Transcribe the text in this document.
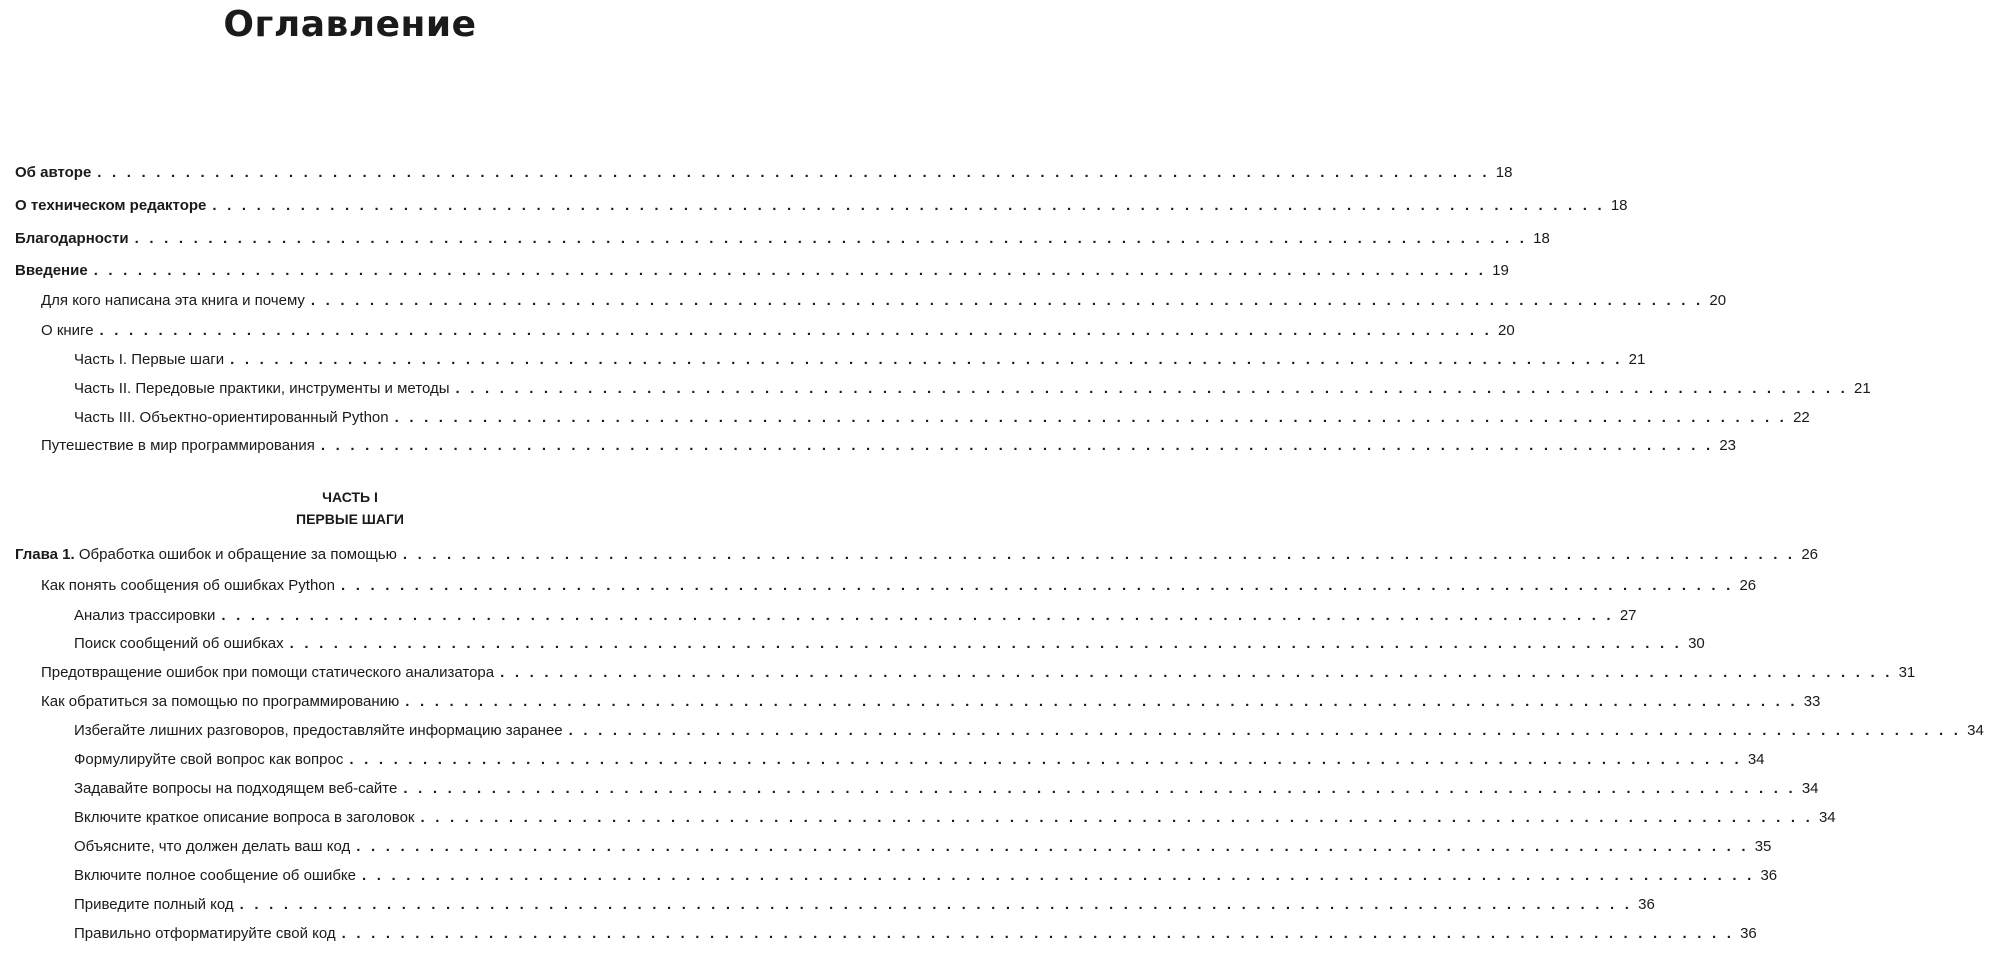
Оглавление
Об авторе . . .	18
О техническом редакторе . . .	18
Благодарности . . .	18
Введение . . .	19
Для кого написана эта книга и почему . . .	20
О книге . . .	20
Часть I. Первые шаги . . .	21
Часть II. Передовые практики, инструменты и методы . . .	21
Часть III. Объектно-ориентированный Python . . .	22
Путешествие в мир программирования . . .	23
ЧАСТЬ I
ПЕРВЫЕ ШАГИ
Глава 1. Обработка ошибок и обращение за помощью . . .	26
Как понять сообщения об ошибках Python . . .	26
Анализ трассировки . . .	27
Поиск сообщений об ошибках . . .	30
Предотвращение ошибок при помощи статического анализатора . . .	31
Как обратиться за помощью по программированию . . .	33
Избегайте лишних разговоров, предоставляйте информацию заранее . . .	34
Формулируйте свой вопрос как вопрос . . .	34
Задавайте вопросы на подходящем веб-сайте . . .	34
Включите краткое описание вопроса в заголовок . . .	34
Объясните, что должен делать ваш код . . .	35
Включите полное сообщение об ошибке . . .	36
Приведите полный код . . .	36
Правильно отформатируйте свой код . . .	36
